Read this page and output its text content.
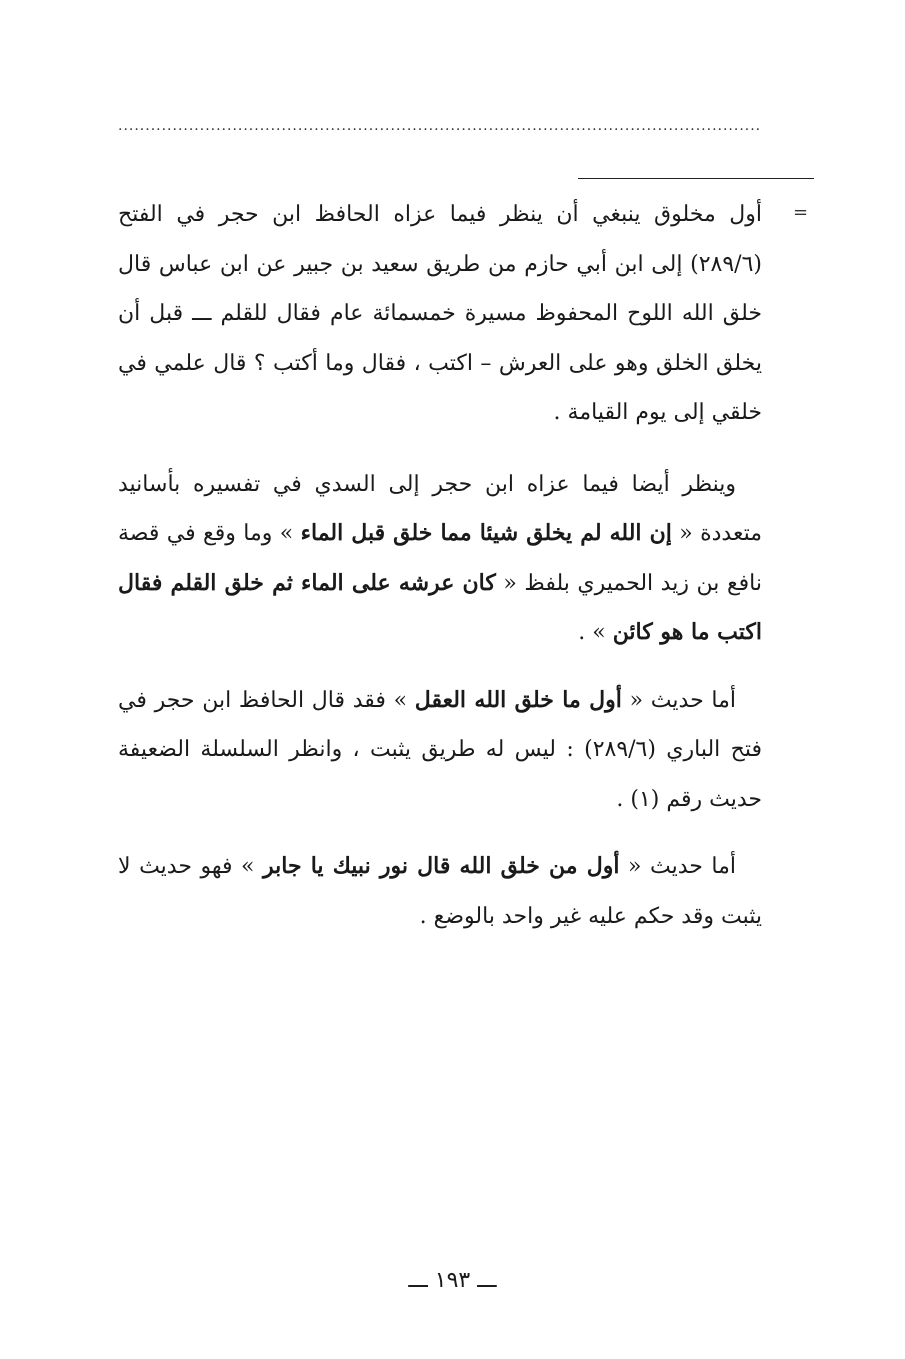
......................................................................................................................
=

أول مخلوق ينبغي أن ينظر فيما عزاه الحافظ ابن حجر في الفتح (٢٨٩/٦) إلى ابن أبي حازم من طريق سعيد بن جبير عن ابن عباس قال خلق الله اللوح المحفوظ مسيرة خمسمائة عام فقال للقلم ـــ قبل أن يخلق الخلق وهو على العرش – اكتب ، فقال وما أكتب ؟ قال علمي في خلقي إلى يوم القيامة .

وينظر أيضا فيما عزاه ابن حجر إلى السدي في تفسيره بأسانيد متعددة « إن الله لم يخلق شيئا مما خلق قبل الماء » وما وقع في قصة نافع بن زيد الحميري بلفظ « كان عرشه على الماء ثم خلق القلم فقال اكتب ما هو كائن » .

أما حديث « أول ما خلق الله العقل » فقد قال الحافظ ابن حجر في فتح الباري (٢٨٩/٦) : ليس له طريق يثبت ، وانظر السلسلة الضعيفة حديث رقم (١) .

أما حديث « أول من خلق الله قال نور نبيك يا جابر » فهو حديث لا يثبت وقد حكم عليه غير واحد بالوضع .

ـــ ١٩٣ ـــ
